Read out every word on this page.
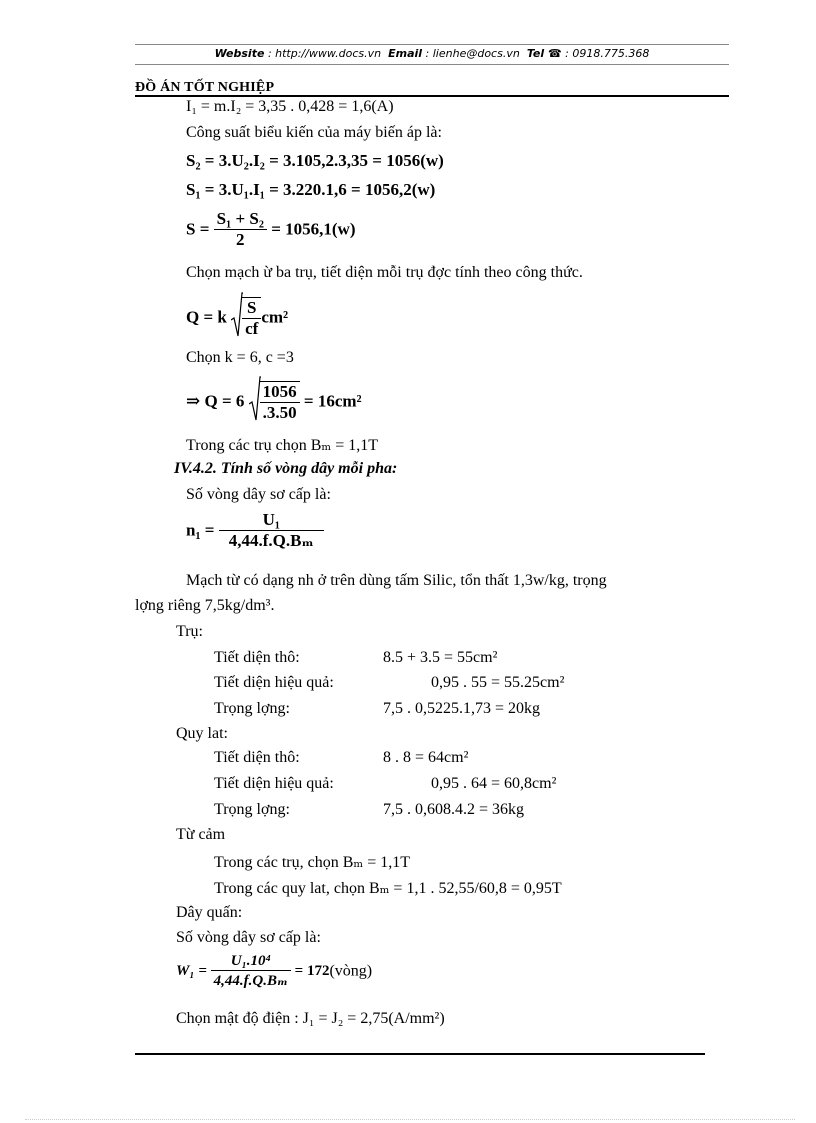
Website : http://www.docs.vn Email : lienhe@docs.vn Tel ☎ : 0918.775.368
ĐỒ ÁN TỐT NGHIỆP
I₁ = m.I₂ = 3,35 . 0,428 = 1,6(A)
Công suất biểu kiến của máy biến áp là:
S₂ = 3.U₂.I₂ = 3.105,2.3,35 = 1056(w)
S₁ = 3.U₁.I₁ = 3.220.1,6 = 1056,2(w)
$S = \frac{\text{S₁ + S₂}}{2} = 1056,1(w)$
Chọn mạch ừ ba trụ, tiết diện mỗi trụ đợc tính theo công thức.
Q = k $\frac{S}{cf} cm^2$
Chọn k = 6, c =3
⇒ $Q = 6 \frac{1056}{.3.50} = 16cm^2$
Trong các trụ chọn Bₘ = 1,1T
IV.4.2. Tính số vòng dây mỗi pha:
Số vòng dây sơ cấp là:
$n_1 = \frac{\text{U₁}}{\text{4,44.f.Q.Bₘ}}$
Mạch từ có dạng nh ở trên dùng tấm Silic, tổn thất 1,3w/kg, trọng
lợng riêng 7,5kg/dm³.
Trụ:
Tiết diện thô:	8.5 + 3.5 = 55cm²
Tiết diện hiệu quả:	0,95 . 55 = 55.25cm²
Trọng lợng:	7,5 . 0,5225.1,73 = 20kg
Quy lat:
Tiết diện thô:	8 . 8 = 64cm²
Tiết diện hiệu quả:	0,95 . 64 = 60,8cm²
Trọng lợng:	7,5 . 0,608.4.2 = 36kg
Từ cảm
Trong các trụ, chọn Bₘ = 1,1T
Trong các quy lat, chọn Bₘ = 1,1 . 52,55/60,8 = 0,95T
Dây quấn:
Số vòng dây sơ cấp là:
$W_1 = \frac{\text{U₁.10⁴}}{\text{4,44.f.Q.Bₘ}}$ = 172(vòng)
Chọn mật độ điện : J₁ = J₂ = 2,75(A/mm²)
